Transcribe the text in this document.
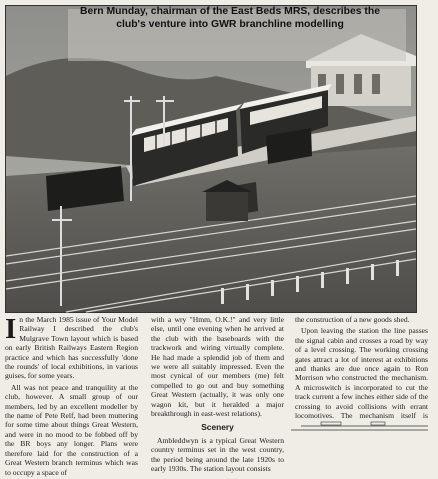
Bern Munday, chairman of the East Beds MRS, describes the club's venture into GWR branchline modelling

In the March 1985 issue of Your Model Railway I described the club's Mulgrave Town layout which is based on early British Railways Eastern Region practice and which has successfully 'done the rounds' of local exhibitions, in various guises, for some years.

All was not peace and tranquility at the club, however. A small group of our members, led by an excellent modeller by the name of Pete Relf, had been muttering for some time about things Great Western, and were in no mood to be fobbed off by the BR boys any longer. Plans were therefore laid for the construction of a Great Western branch terminus which was to occupy a space of

with a wry "Hmm, O.K.!" and very little else, until one evening when he arrived at the club with the baseboards with the trackwork and wiring virtually complete. He had made a splendid job of them and we were all suitably impressed. Even the most cynical of our members (me) felt compelled to go out and buy something Great Western (actually, it was only one wagon kit, but it heralded a major breakthrough in east-west relations).

Scenery

Ambleddwyn is a typical Great Western country terminus set in the west country, the period being around the late 1920s to early 1930s. The station layout consists

the construction of a new goods shed.

Upon leaving the station the line passes the signal cabin and crosses a road by way of a level crossing. The working crossing gates attract a lot of interest at exhibitions and thanks are due once again to Ron Morrison who constructed the mechanism. A microswitch is incorporated to cut the track current a few inches either side of the crossing to avoid collisions with errant locomotives. The mechanism itself is
